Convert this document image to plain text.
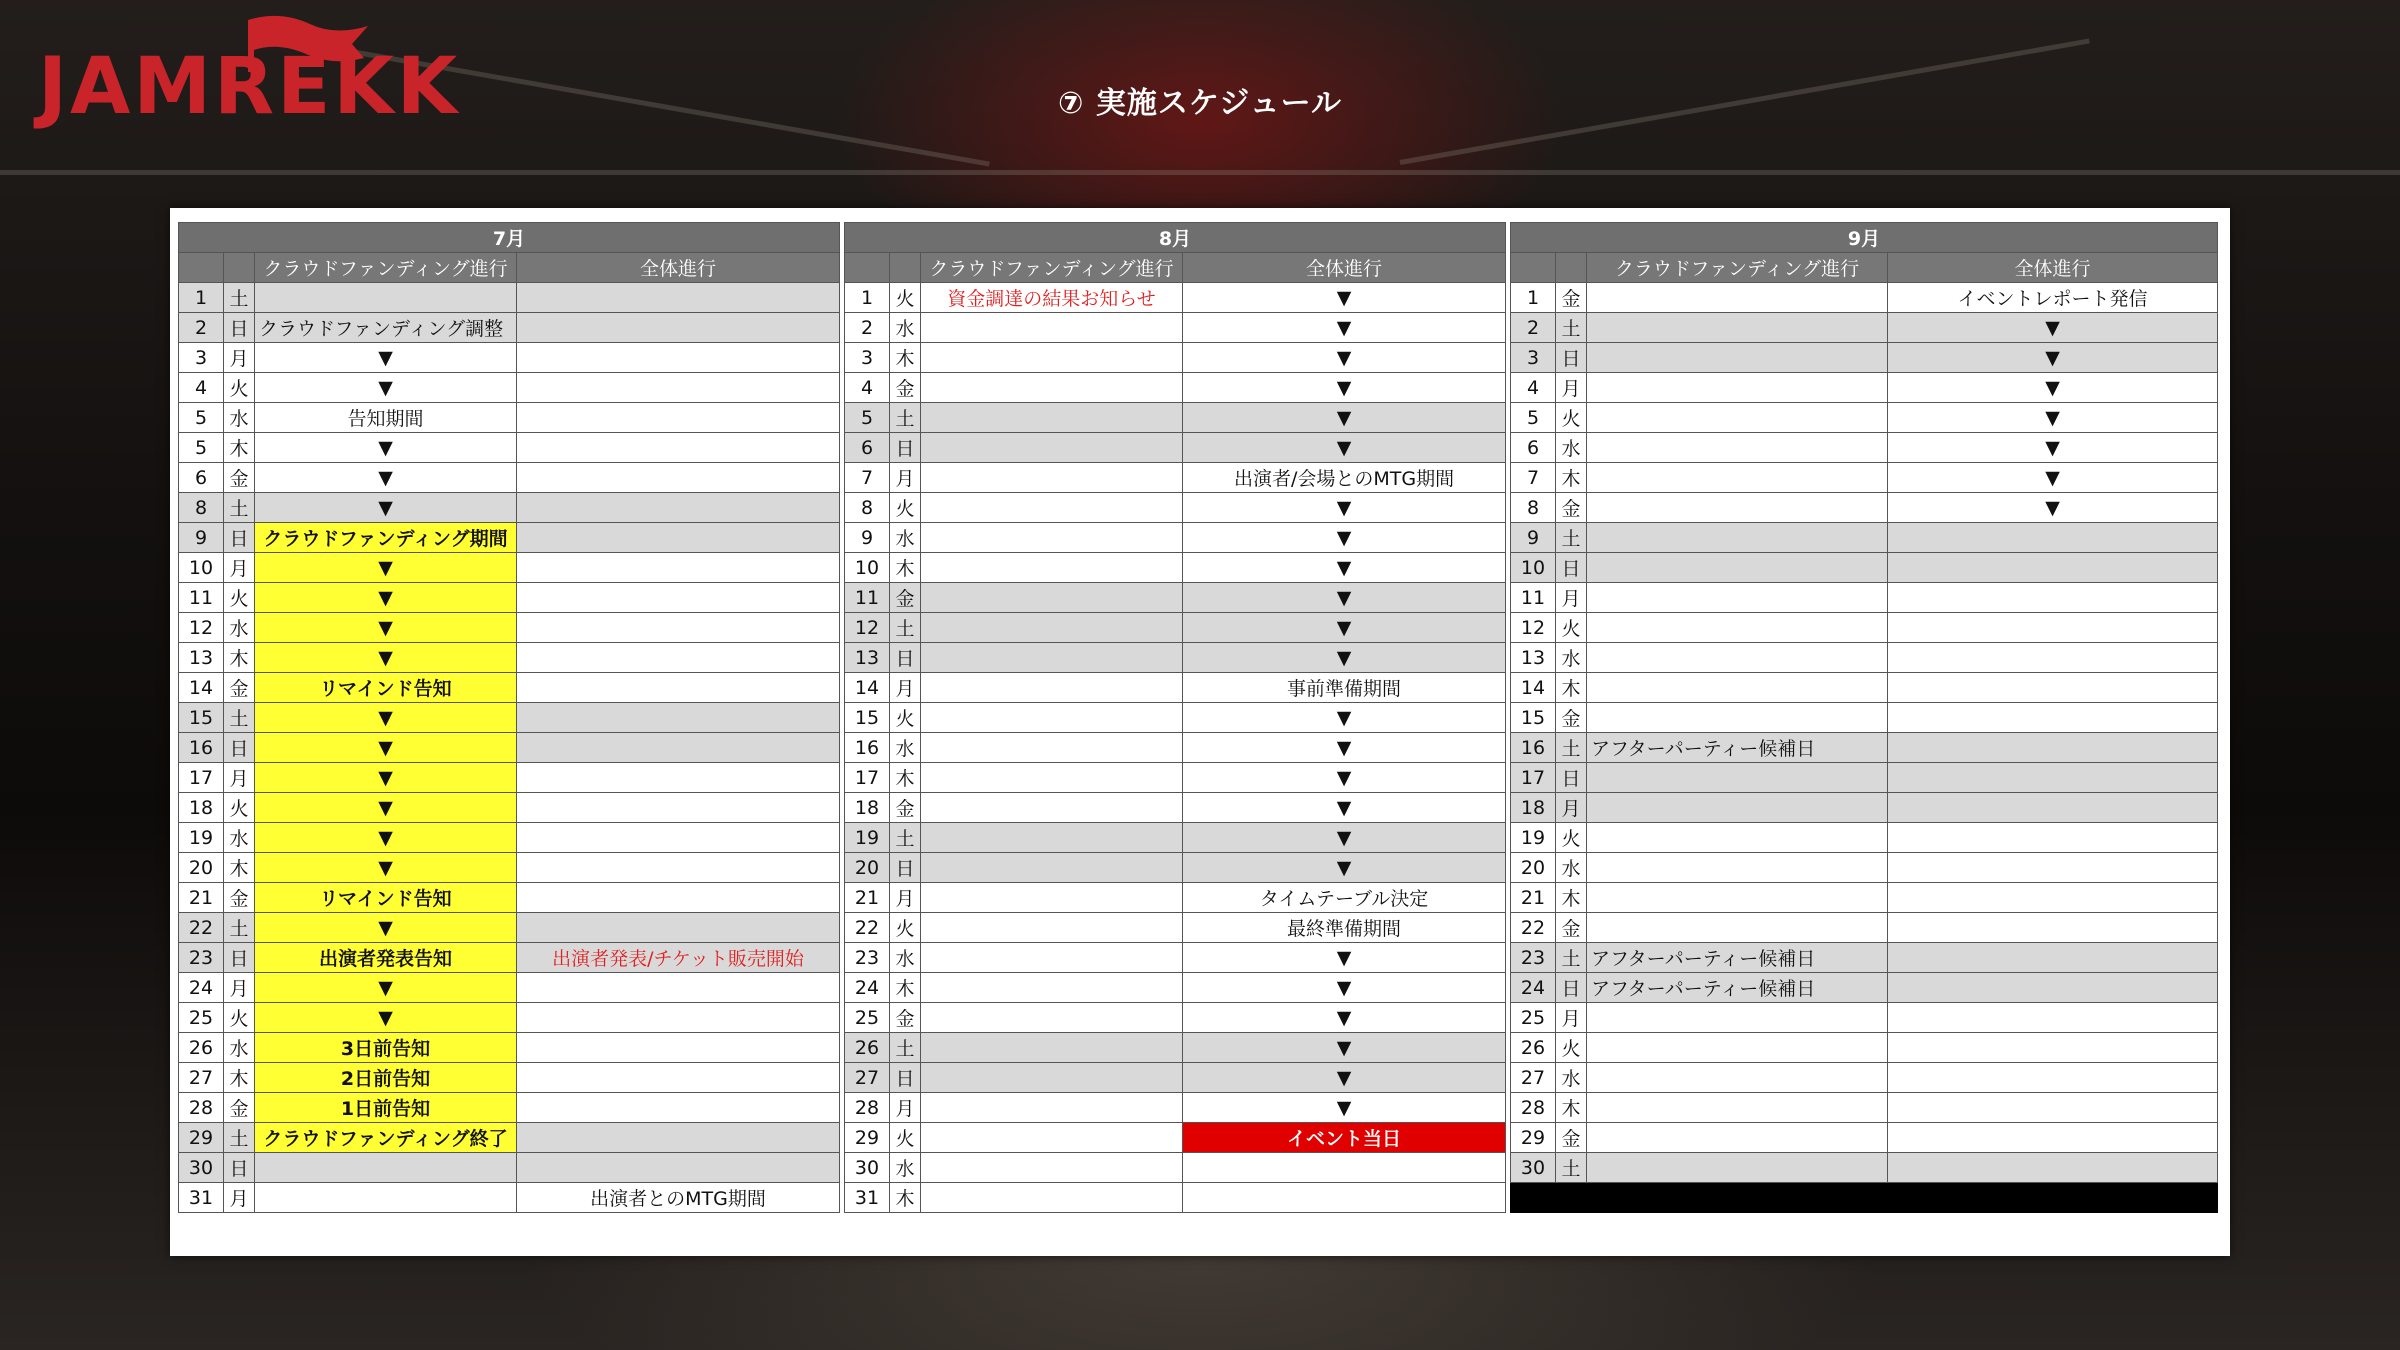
JAMREKK	⑦ 実施スケジュール
7月			
		クラウドファンディング進行	全体進行
1	土		
2	日	クラウドファンディング調整	
3	月	▼	
4	火	▼	
5	水	告知期間	
5	木	▼	
6	金	▼	
8	土	▼	
9	日	クラウドファンディング期間	
10	月	▼	
11	火	▼	
12	水	▼	
13	木	▼	
14	金	リマインド告知	
15	土	▼	
16	日	▼	
17	月	▼	
18	火	▼	
19	水	▼	
20	木	▼	
21	金	リマインド告知	
22	土	▼	
23	日	出演者発表告知	出演者発表/チケット販売開始
24	月	▼	
25	火	▼	
26	水	3日前告知	
27	木	2日前告知	
28	金	1日前告知	
29	土	クラウドファンディング終了	
30	日		
31	月		出演者とのMTG期間
8月			
		クラウドファンディング進行	全体進行
1	火	資金調達の結果お知らせ	▼
2	水		▼
3	木		▼
4	金		▼
5	土		▼
6	日		▼
7	月		出演者/会場とのMTG期間
8	火		▼
9	水		▼
10	木		▼
11	金		▼
12	土		▼
13	日		▼
14	月		事前準備期間
15	火		▼
16	水		▼
17	木		▼
18	金		▼
19	土		▼
20	日		▼
21	月		タイムテーブル決定
22	火		最終準備期間
23	水		▼
24	木		▼
25	金		▼
26	土		▼
27	日		▼
28	月		▼
29	火		イベント当日
30	水		
31	木		
9月			
		クラウドファンディング進行	全体進行
1	金		イベントレポート発信
2	土		▼
3	日		▼
4	月		▼
5	火		▼
6	水		▼
7	木		▼
8	金		▼
9	土		
10	日		
11	月		
12	火		
13	水		
14	木		
15	金		
16	土	アフターパーティー候補日	
17	日		
18	月		
19	火		
20	水		
21	木		
22	金		
23	土	アフターパーティー候補日	
24	日	アフターパーティー候補日	
25	月		
26	火		
27	水		
28	木		
29	金		
30	土		
